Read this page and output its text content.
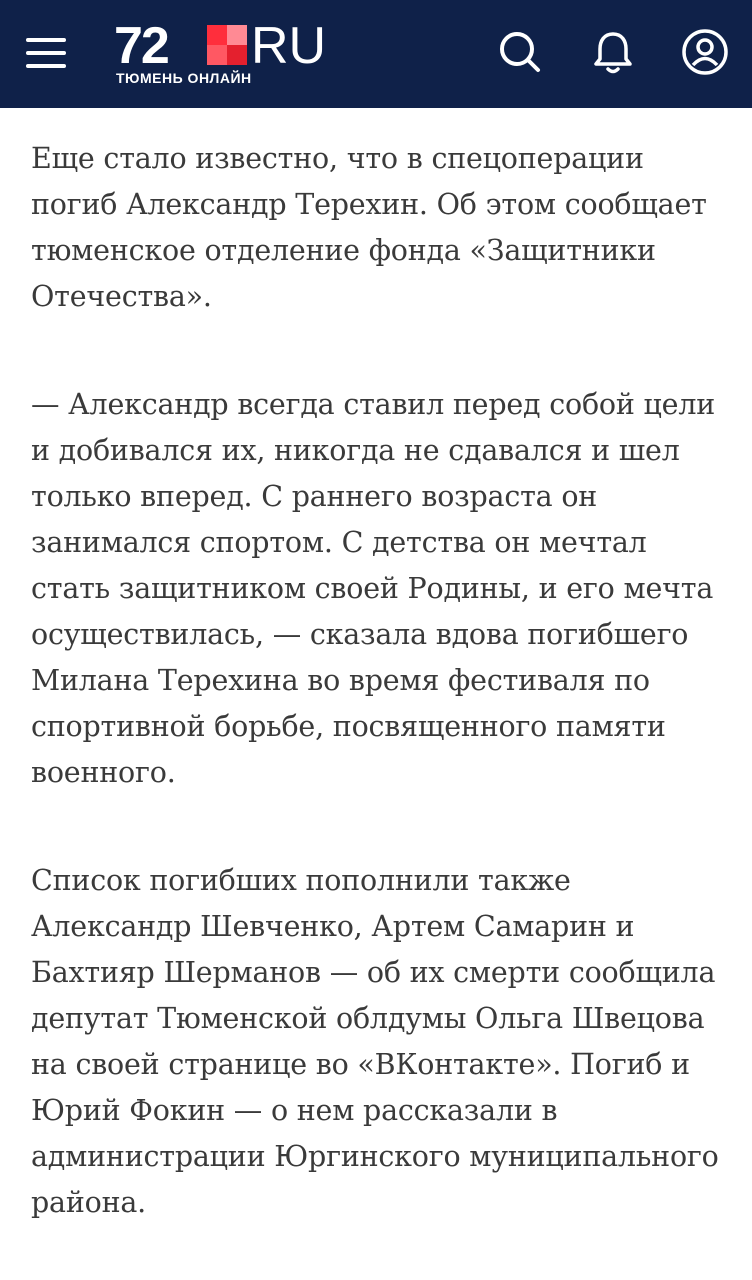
72 RU
ТЮМЕНЬ ОНЛАЙН

Еще стало известно, что в спецоперации погиб Александр Терехин. Об этом сообщает тюменское отделение фонда «Защитники Отечества».

— Александр всегда ставил перед собой цели и добивался их, никогда не сдавался и шел только вперед. С раннего возраста он занимался спортом. С детства он мечтал стать защитником своей Родины, и его мечта осуществилась, — сказала вдова погибшего Милана Терехина во время фестиваля по спортивной борьбе, посвященного памяти военного.

Список погибших пополнили также Александр Шевченко, Артем Самарин и Бахтияр Шерманов — об их смерти сообщила депутат Тюменской облдумы Ольга Швецова на своей странице во «ВКонтакте». Погиб и Юрий Фокин — о нем рассказали в администрации Юргинского муниципального района.
